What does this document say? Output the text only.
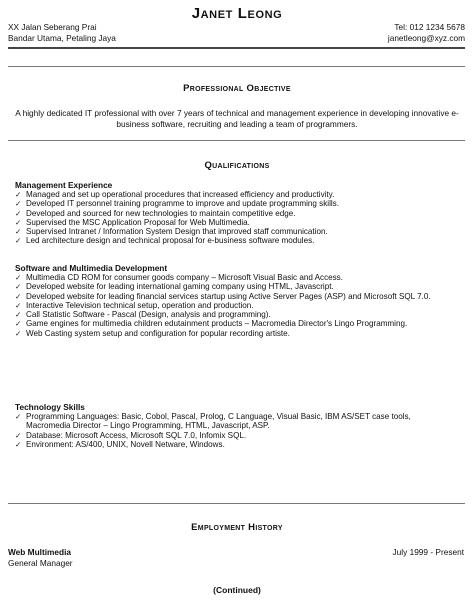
Janet Leong
XX Jalan Seberang Prai
Bandar Utama, Petaling Jaya
Tel: 012 1234 5678
janetleong@xyz.com
Professional Objective
A highly dedicated IT professional with over 7 years of technical and management experience in developing innovative e-business software, recruiting and leading a team of programmers.
Qualifications
Management Experience
✓ Managed and set up operational procedures that increased efficiency and productivity.
✓ Developed IT personnel training programme to improve and update programming skills.
✓ Developed and sourced for new technologies to maintain competitive edge.
✓ Supervised the MSC Application Proposal for Web Multimedia.
✓ Supervised Intranet / Information System Design that improved staff communication.
✓ Led architecture design and technical proposal for e-business software modules.
Software and Multimedia Development
✓ Multimedia CD ROM for consumer goods company – Microsoft Visual Basic and Access.
✓ Developed website for leading international gaming company using HTML, Javascript.
✓ Developed website for leading financial services startup using Active Server Pages (ASP) and Microsoft SQL 7.0.
✓ Interactive Television technical setup, operation and production.
✓ Call Statistic Software - Pascal (Design, analysis and programming).
✓ Game engines for multimedia children edutainment products – Macromedia Director's Lingo Programming.
✓ Web Casting system setup and configuration for popular recording artiste.
Technology Skills
✓ Programming Languages: Basic, Cobol, Pascal, Prolog, C Language, Visual Basic, IBM AS/SET case tools, Macromedia Director – Lingo Programming, HTML, Javascript, ASP.
✓ Database: Microsoft Access, Microsoft SQL 7.0, Infomix SQL.
✓ Environment: AS/400, UNIX, Novell Netware, Windows.
Employment History
Web Multimedia
General Manager
July 1999 - Present
(Continued)
